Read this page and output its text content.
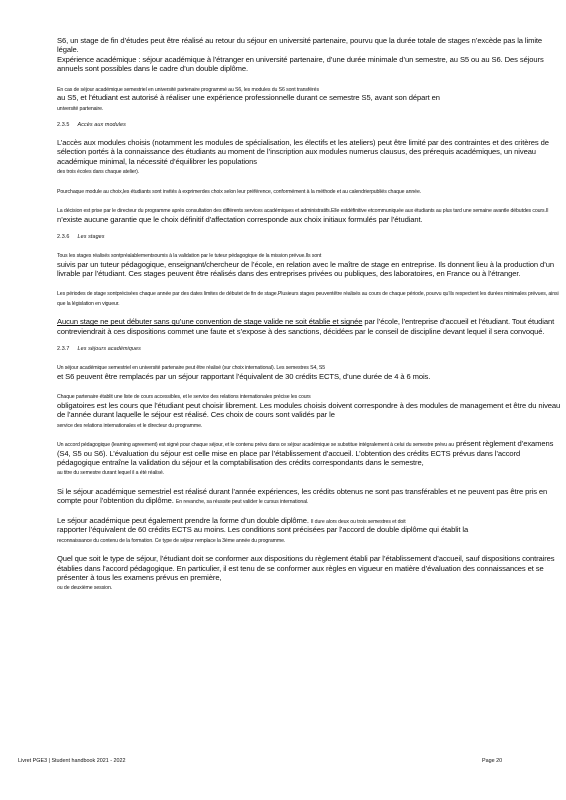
S6, un stage de fin d’études peut être réalisé au retour du séjour en université partenaire, pourvu que la durée totale de stages n’excède pas la limite légale.
Expérience académique : séjour académique à l’étranger en université partenaire, d’une durée minimale d’un semestre, au S5 ou au S6. Des séjours annuels sont possibles dans le cadre d’un double diplôme.

En cas de séjour académique semestriel en université partenaire programmé au S6, les modules du S6 sont transférés
au S5, et l’étudiant est autorisé à réaliser une expérience professionnelle durant ce semestre S5, avant son départ en
université partenaire.

2.3.5 Accès aux modules

L’accès aux modules choisis (notamment les modules de spécialisation, les électifs et les ateliers) peut être limité par des contraintes et des critères de sélection portés à la connaissance des étudiants au moment de l’inscription aux modules numerus clausus, des prérequis académiques, un niveau académique minimal, la nécessité d’équilibrer les populations
des trois écoles dans chaque atelier).

Pourchaque module au choix,les étudiants sont invités à exprimerdes choix selon leur préférence, conformément à la méthode et au calendrierpubliés chaque année.

La décision est prise par le directeur du programme après consultation des différents services académiques et administratifs.Elle estdéfinitive etcommuniquée aux étudiants au plus tard une semaine avantle débutdes cours.Il
n’existe aucune garantie que le choix définitif d’affectation corresponde aux choix initiaux formulés par l’étudiant.

2.3.6 Les stages

Tous les stages réalisés sontpréalablementsoumis à la validation par le tuteur pédagogique de la mission prévue.Ils sont
suivis par un tuteur pédagogique, enseignant/chercheur de l’école, en relation avec le maître de stage en entreprise. Ils donnent lieu à la production d’un livrable par l’étudiant. Ces stages peuvent être réalisés dans des entreprises privées ou publiques, des laboratoires, en France ou à l’étranger.

Les périodes de stage sontprécisées chaque année par des dates limites de débutet de fin de stage.Plusieurs stages peuventêtre réalisés au cours de chaque période, pourvu qu’ils respectent les durées minimales prévues, ainsi que la législation en vigueur.

Aucun stage ne peut débuter sans qu’une convention de stage valide ne soit établie et signée par l’école, l’entreprise d’accueil et l’étudiant. Tout étudiant contreviendrait à ces dispositions commet une faute et s’expose à des sanctions, décidées par le conseil de discipline devant lequel il sera convoqué.

2.3.7 Les séjours académiques

Un séjour académique semestriel en université partenaire peut être réalisé (sur choix international). Les semestres S4, S5
et S6 peuvent être remplacés par un séjour rapportant l’équivalent de 30 crédits ECTS, d’une durée de 4 à 6 mois.

Chaque partenaire établit une liste de cours accessibles, et le service des relations internationales précise les cours
obligatoires est les cours que l’étudiant peut choisir librement. Les modules choisis doivent correspondre à des modules de management et être du niveau de l’année durant laquelle le séjour est réalisé. Ces choix de cours sont validés par le
service des relations internationales et le directeur du programme.

Un accord pédagogique (learning agreement) est signé pour chaque séjour, et le contenu prévu dans ce séjour académique se substitue intégralement à celui du semestre prévu au présent règlement d’examens (S4, S5 ou S6). L’évaluation du séjour est celle mise en place par l’établissement d’accueil. L’obtention des crédits ECTS prévus dans l’accord pédagogique entraîne la validation du séjour et la comptabilisation des crédits correspondants dans le semestre,
au titre du semestre durant lequel il a été réalisé.

Si le séjour académique semestriel est réalisé durant l’année expériences, les crédits obtenus ne sont pas transférables et ne peuvent pas être pris en compte pour l’obtention du diplôme. En revanche, sa réussite peut valider le cursus international.

Le séjour académique peut également prendre la forme d’un double diplôme. Il dure alors deux ou trois semestres et doit
rapporter l’équivalent de 60 crédits ECTS au moins. Les conditions sont précisées par l’accord de double diplôme qui établit la
reconnaissance du contenu de la formation. Ce type de séjour remplace la 3ème année du programme.

Quel que soit le type de séjour, l’étudiant doit se conformer aux dispositions du règlement établi par l’établissement d’accueil, sauf dispositions contraires établies dans l’accord pédagogique. En particulier, il est tenu de se conformer aux règles en vigueur en matière d’évaluation des connaissances et se présenter à tous les examens prévus en première,
ou de deuxième session.

Livret PGE3 | Student handbook 2021 - 2022	Page 20
